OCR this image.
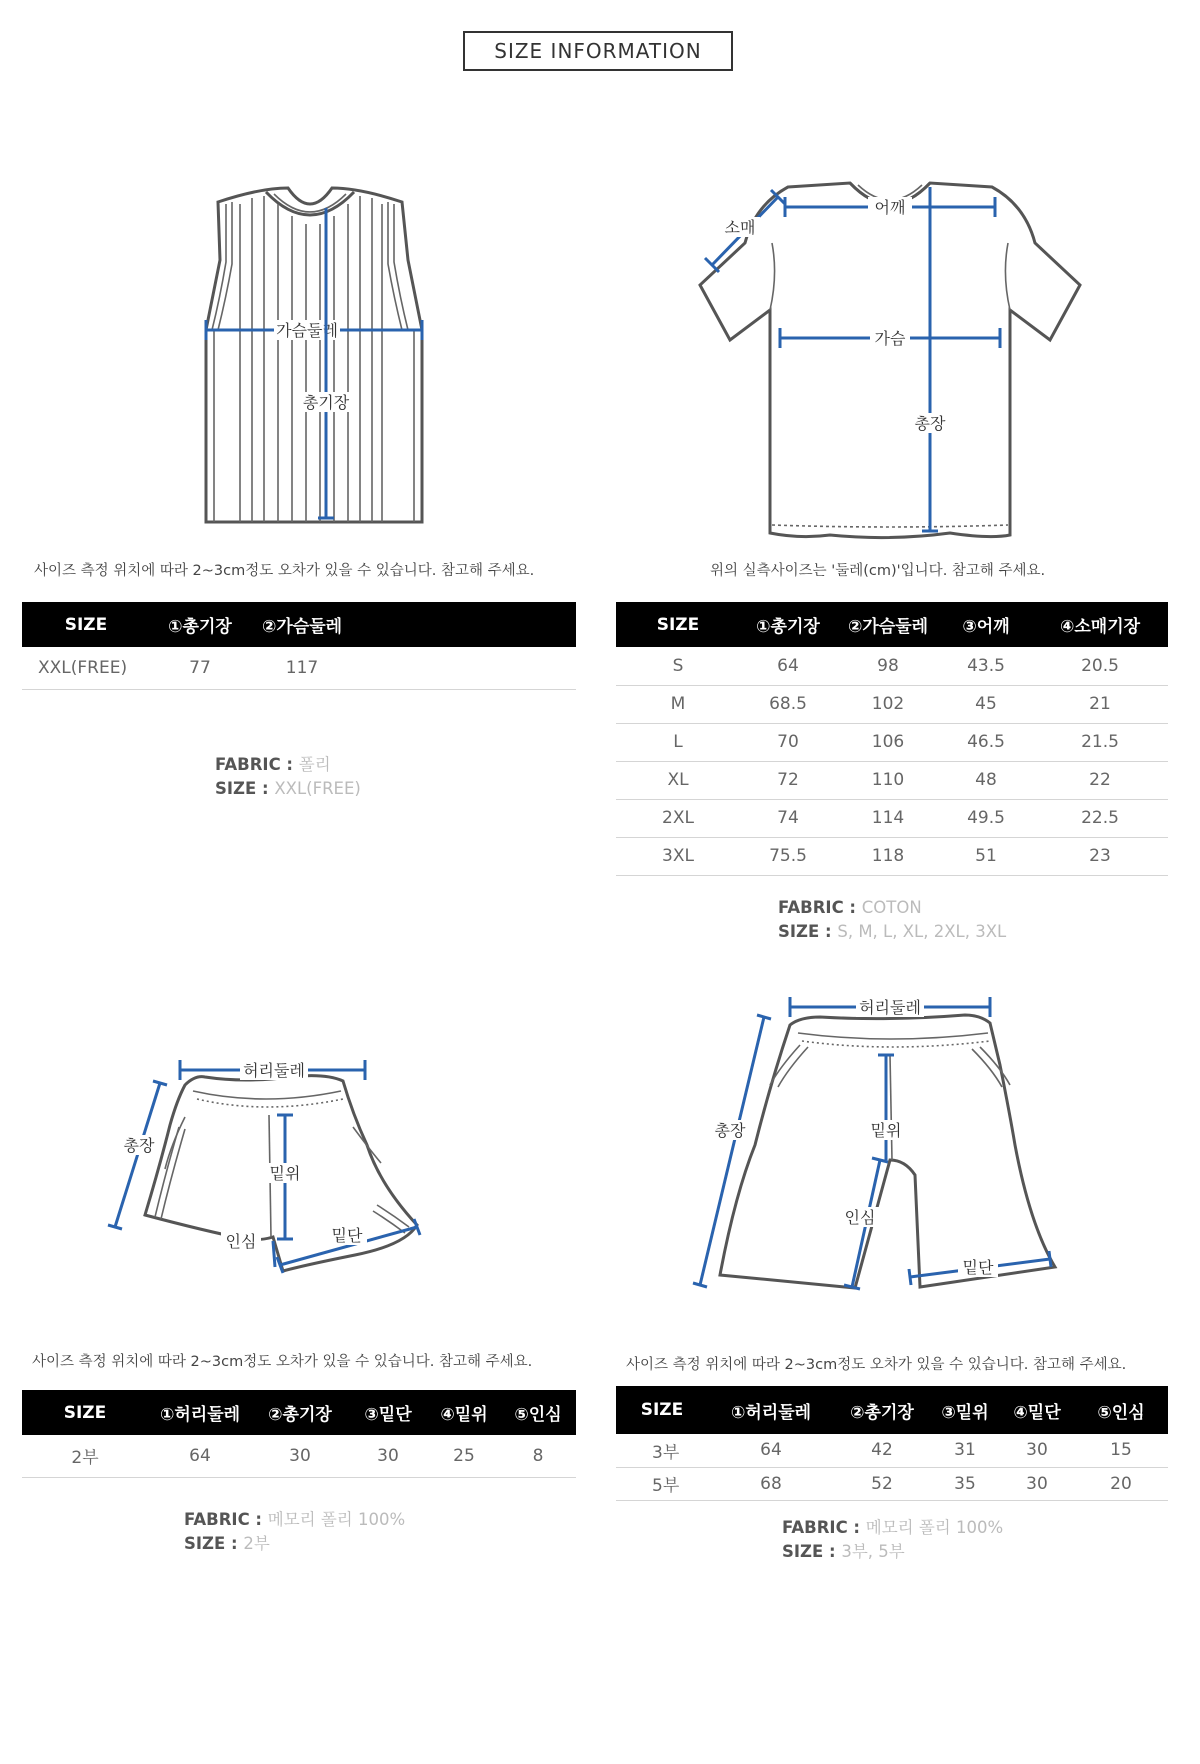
SIZE INFORMATION
가슴둘레
총기장
어깨
소매
가슴
총장
사이즈 측정 위치에 따라 2~3cm정도 오차가 있을 수 있습니다. 참고해 주세요.	위의 실측사이즈는 '둘레(cm)'입니다. 참고해 주세요.
SIZE	①총기장	②가슴둘레	
XXL(FREE)	77	117	
FABRIC : 폴리
SIZE : XXL(FREE)
SIZE	①총기장	②가슴둘레	③어깨	④소매기장
S	64	98	43.5	20.5
M	68.5	102	45	21
L	70	106	46.5	21.5
XL	72	110	48	22
2XL	74	114	49.5	22.5
3XL	75.5	118	51	23
FABRIC : COTON
SIZE : S, M, L, XL, 2XL, 3XL
허리둘레
총장
밑위
인심	밑단
허리둘레
총장	밑위
인심
밑단
사이즈 측정 위치에 따라 2~3cm정도 오차가 있을 수 있습니다. 참고해 주세요.	사이즈 측정 위치에 따라 2~3cm정도 오차가 있을 수 있습니다. 참고해 주세요.
SIZE	①허리둘레	②총기장	③밑단	④밑위	⑤인심
2부	64	30	30	25	8
FABRIC : 메모리 폴리 100%
SIZE : 2부
SIZE	①허리둘레	②총기장	③밑위	④밑단	⑤인심
3부	64	42	31	30	15
5부	68	52	35	30	20
FABRIC : 메모리 폴리 100%
SIZE : 3부, 5부
